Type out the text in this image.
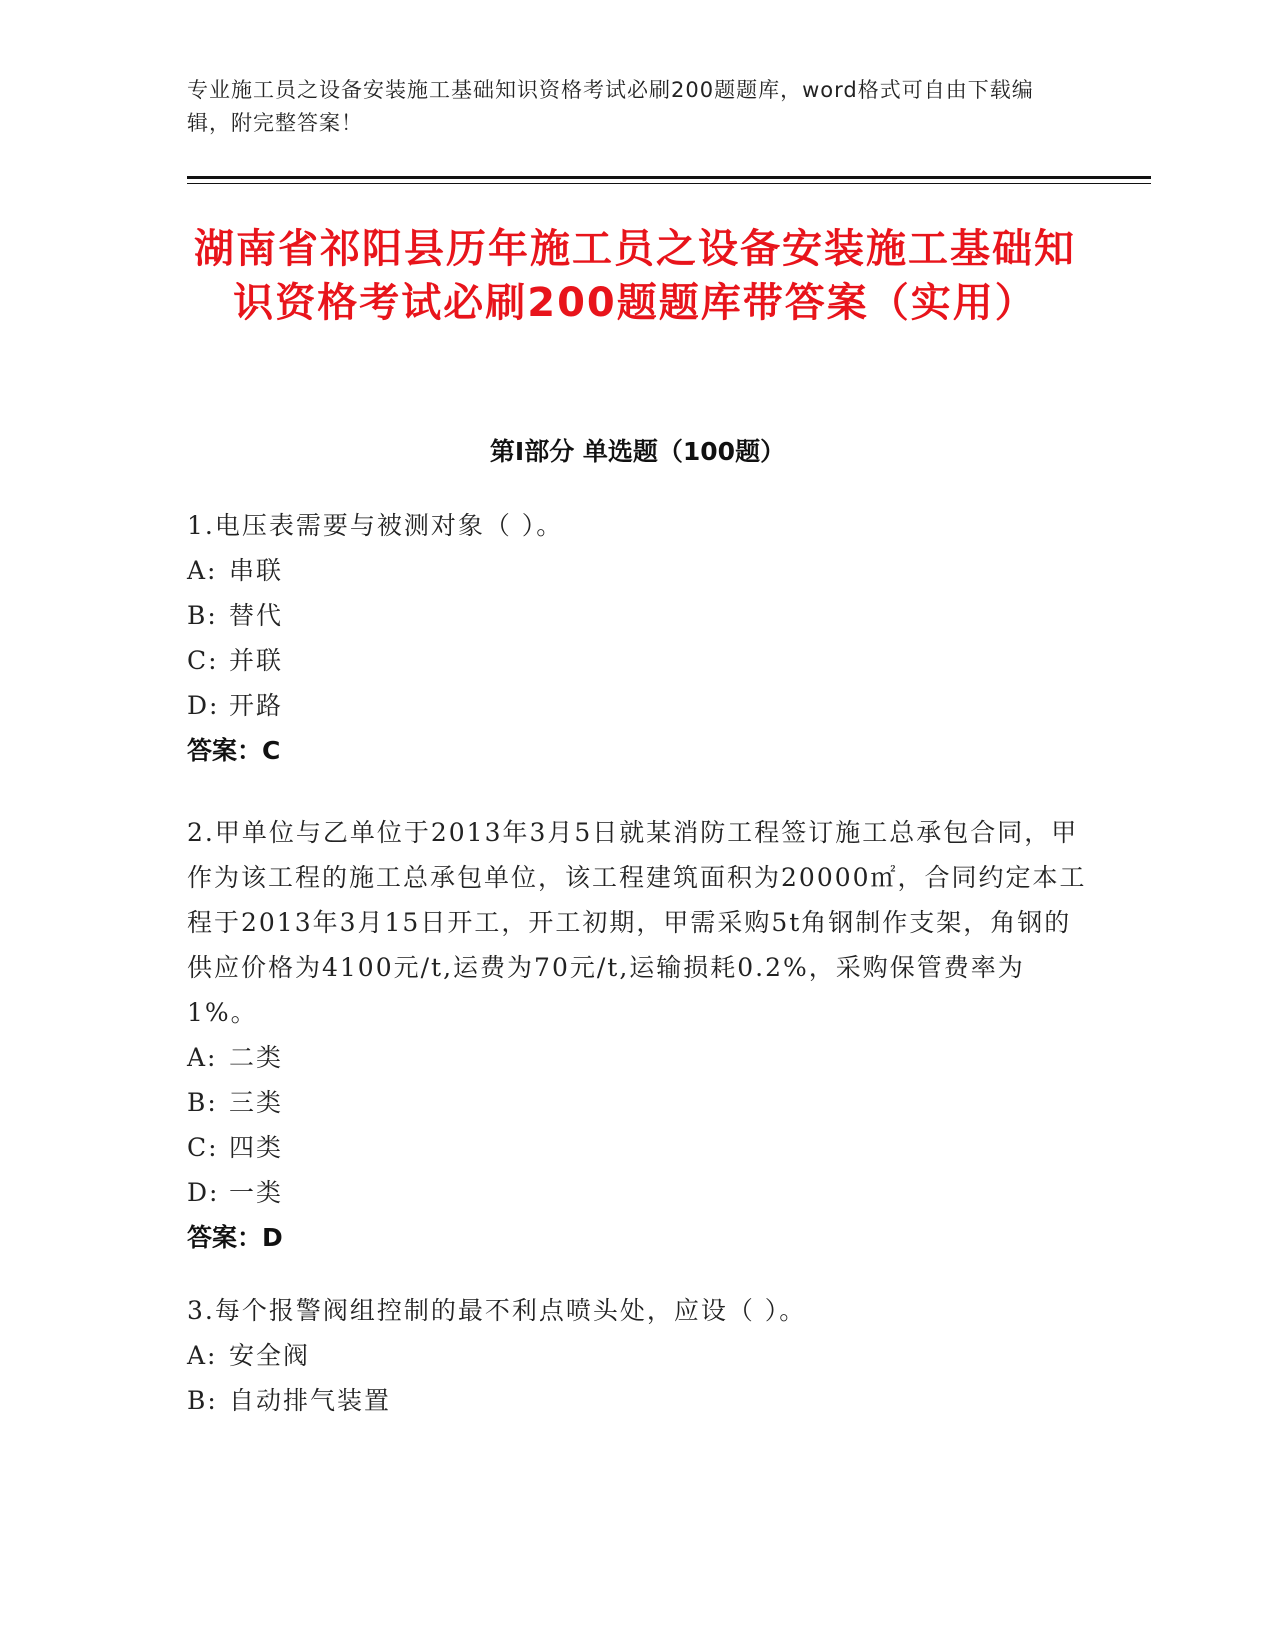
专业施工员之设备安装施工基础知识资格考试必刷200题题库，word格式可自由下载编辑，附完整答案！
湖南省祁阳县历年施工员之设备安装施工基础知识资格考试必刷200题题库带答案（实用）
第Ⅰ部分 单选题（100题）

1.电压表需要与被测对象（ ）。

A: 串联
B: 替代
C: 并联
D: 开路
答案：C

2.甲单位与乙单位于2013年3月5日就某消防工程签订施工总承包合同，甲作为该工程的施工总承包单位，该工程建筑面积为20000㎡，合同约定本工程于2013年3月15日开工，开工初期，甲需采购5t角钢制作支架，角钢的供应价格为4100元/t,运费为70元/t,运输损耗0.2%，采购保管费率为1%。

A: 二类
B: 三类
C: 四类
D: 一类
答案：D

3.每个报警阀组控制的最不利点喷头处，应设（ ）。

A: 安全阀
B: 自动排气装置
